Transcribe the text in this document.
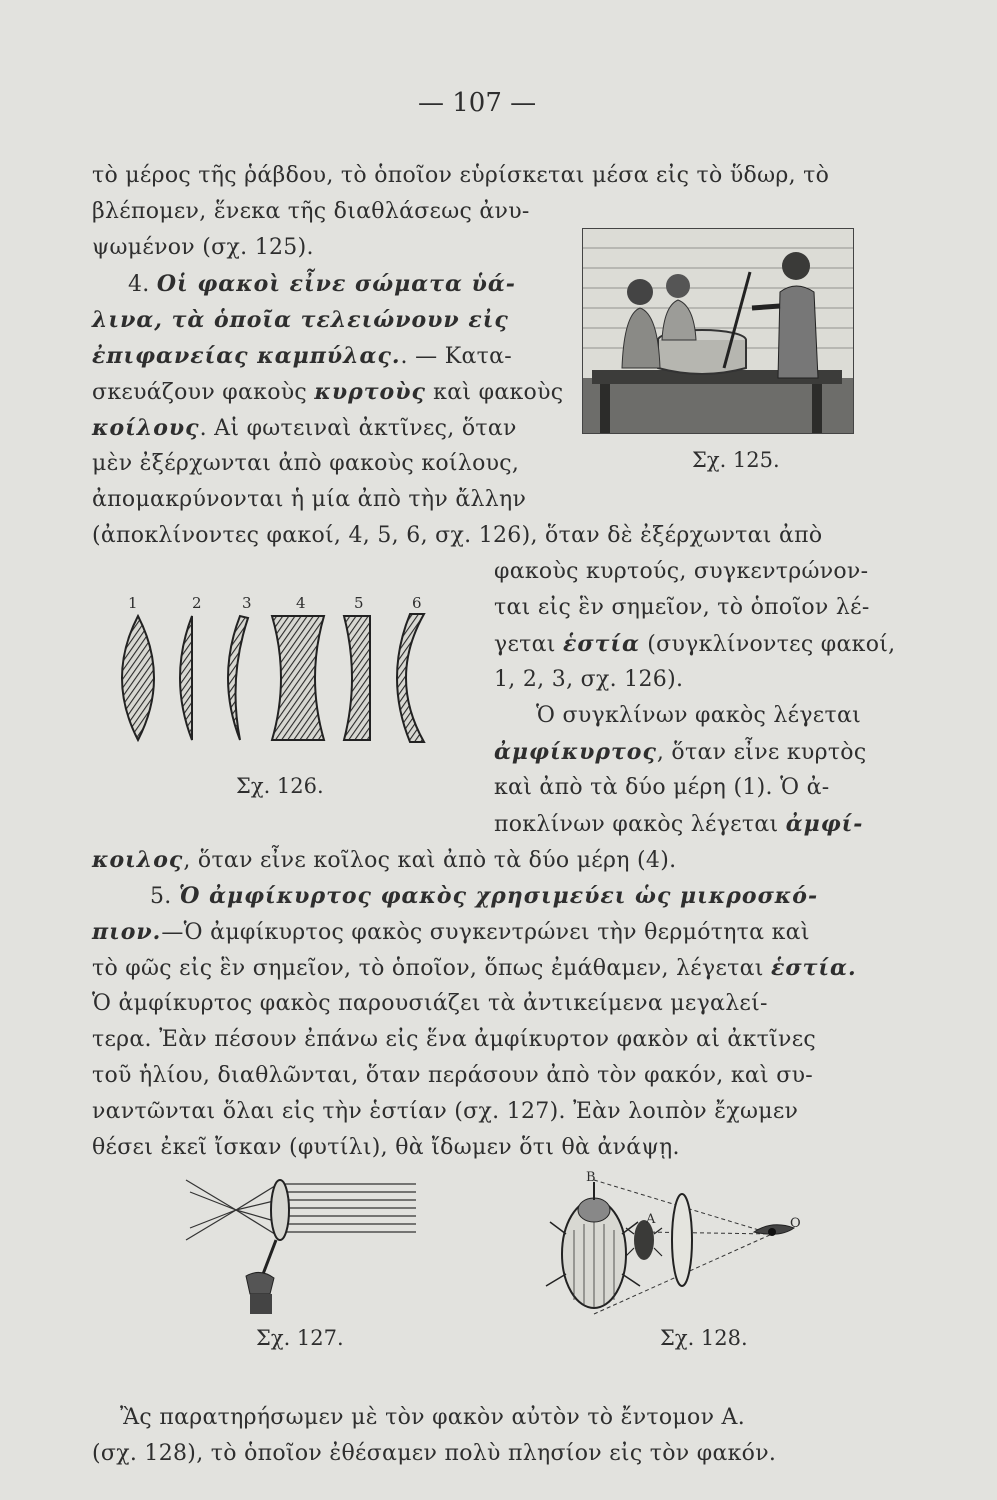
— 107 —
τὸ μέρος τῆς ῥάβδου, τὸ ὁποῖον εὑρίσκεται μέσα εἰς τὸ ὕδωρ, τὸ
βλέπομεν, ἕνεκα τῆς διαθλάσεως ἀνυ-
ψωμένον (σχ. 125).
4. Οἱ φακοὶ εἶνε σώματα ὑά-
λινα, τὰ ὁποῖα τελειώνουν εἰς
ἐπιφανείας καμπύλας.. — Κατα-
σκευάζουν φακοὺς κυρτοὺς καὶ φακοὺς
κοίλους. Αἱ φωτειναὶ ἀκτῖνες, ὅταν
μὲν ἐξέρχωνται ἀπὸ φακοὺς κοίλους,
ἀπομακρύνονται ἡ μία ἀπὸ τὴν ἄλλην
(ἀποκλίνοντες φακοί, 4, 5, 6, σχ. 126), ὅταν δὲ ἐξέρχωνται ἀπὸ
φακοὺς κυρτούς, συγκεντρώνον-
ται εἰς ἓν σημεῖον, τὸ ὁποῖον λέ-
γεται ἑστία (συγκλίνοντες φακοί,
1, 2, 3, σχ. 126).
Ὁ συγκλίνων φακὸς λέγεται
ἀμφίκυρτος, ὅταν εἶνε κυρτὸς
καὶ ἀπὸ τὰ δύο μέρη (1). Ὁ ἀ-
ποκλίνων φακὸς λέγεται ἀμφί-
κοιλος, ὅταν εἶνε κοῖλος καὶ ἀπὸ τὰ δύο μέρη (4).
5. Ὁ ἀμφίκυρτος φακὸς χρησιμεύει ὡς μικροσκό-
πιον.—Ὁ ἀμφίκυρτος φακὸς συγκεντρώνει τὴν θερμότητα καὶ
τὸ φῶς εἰς ἓν σημεῖον, τὸ ὁποῖον, ὅπως ἐμάθαμεν, λέγεται ἑστία.
Ὁ ἀμφίκυρτος φακὸς παρουσιάζει τὰ ἀντικείμενα μεγαλεί-
τερα. Ἐὰν πέσουν ἐπάνω εἰς ἕνα ἀμφίκυρτον φακὸν αἱ ἀκτῖνες
τοῦ ἡλίου, διαθλῶνται, ὅταν περάσουν ἀπὸ τὸν φακόν, καὶ συ-
ναντῶνται ὅλαι εἰς τὴν ἑστίαν (σχ. 127). Ἐὰν λοιπὸν ἔχωμεν
θέσει ἐκεῖ ἴσκαν (φυτίλι), θὰ ἴδωμεν ὅτι θὰ ἀνάψῃ.
Ἂς παρατηρήσωμεν μὲ τὸν φακὸν αὐτὸν τὸ ἔντομον Α.
(σχ. 128), τὸ ὁποῖον ἐθέσαμεν πολὺ πλησίον εἰς τὸν φακόν.
Σχ. 125.
1	2	3	4	5	6
Σχ. 126.
Σχ. 127.
Β
Α	Ο
Σχ. 128.
